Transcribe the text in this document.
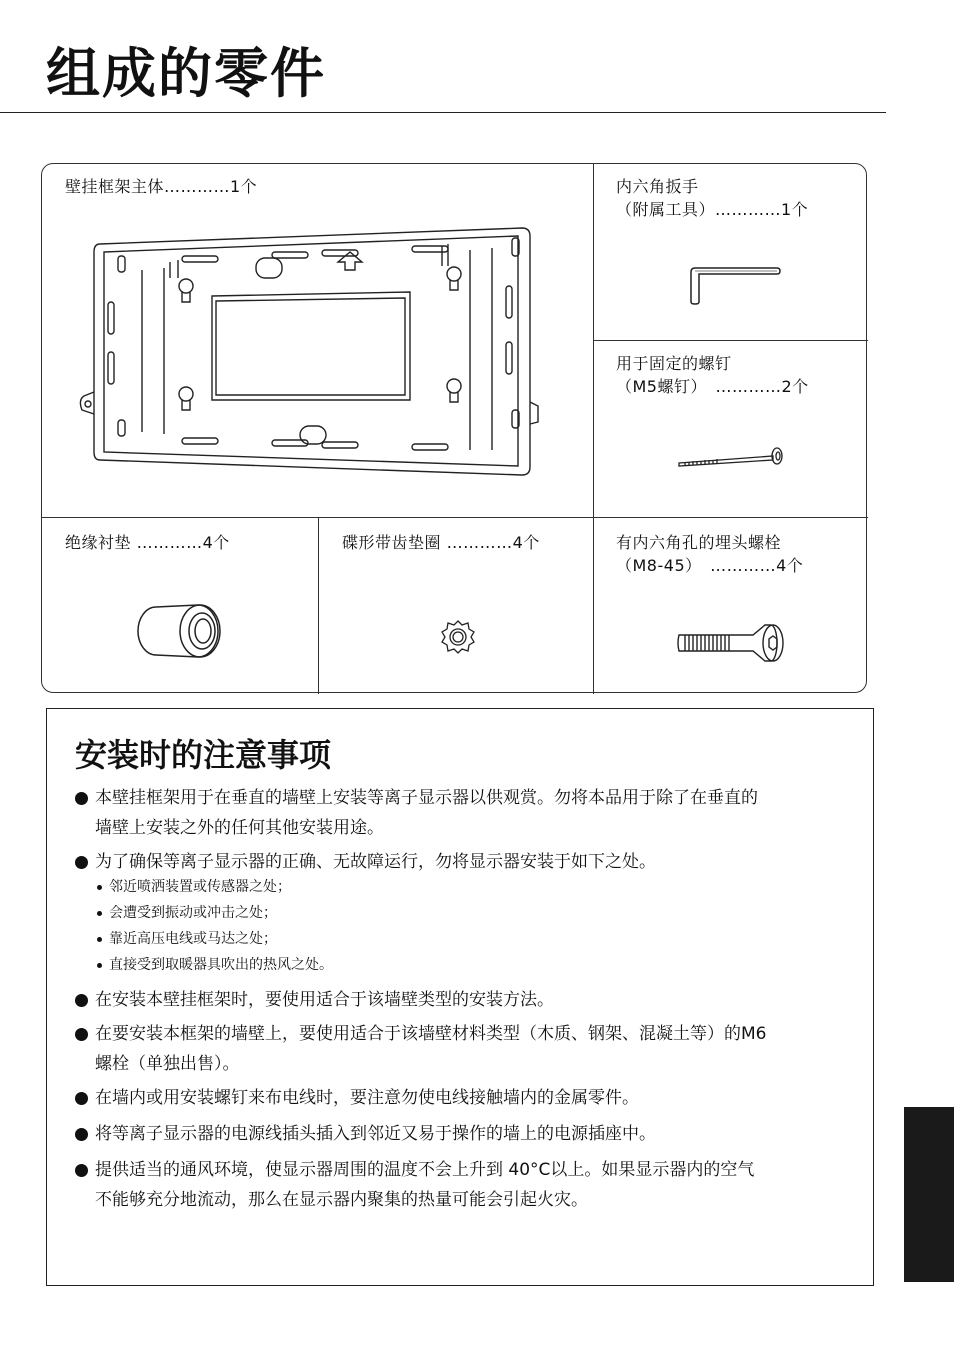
组成的零件
壁挂框架主体…………1个	内六角扳手
（附属工具）…………1个
用于固定的螺钉
（M5螺钉）　…………2个
绝缘衬垫 …………4个	碟形带齿垫圈 …………4个	有内六角孔的埋头螺栓
（M8-45）　…………4个
安装时的注意事项
本壁挂框架用于在垂直的墙壁上安装等离子显示器以供观赏。勿将本品用于除了在垂直的
墙壁上安装之外的任何其他安装用途。
为了确保等离子显示器的正确、无故障运行，勿将显示器安装于如下之处。
邻近喷洒装置或传感器之处；
会遭受到振动或冲击之处；
靠近高压电线或马达之处；
直接受到取暖器具吹出的热风之处。
在安装本壁挂框架时，要使用适合于该墙壁类型的安装方法。
在要安装本框架的墙壁上，要使用适合于该墙壁材料类型（木质、钢架、混凝土等）的M6
螺栓（单独出售）。
在墙内或用安装螺钉来布电线时，要注意勿使电线接触墙内的金属零件。
将等离子显示器的电源线插头插入到邻近又易于操作的墙上的电源插座中。
提供适当的通风环境，使显示器周围的温度不会上升到 40°C以上。如果显示器内的空气
不能够充分地流动，那么在显示器内聚集的热量可能会引起火灾。
